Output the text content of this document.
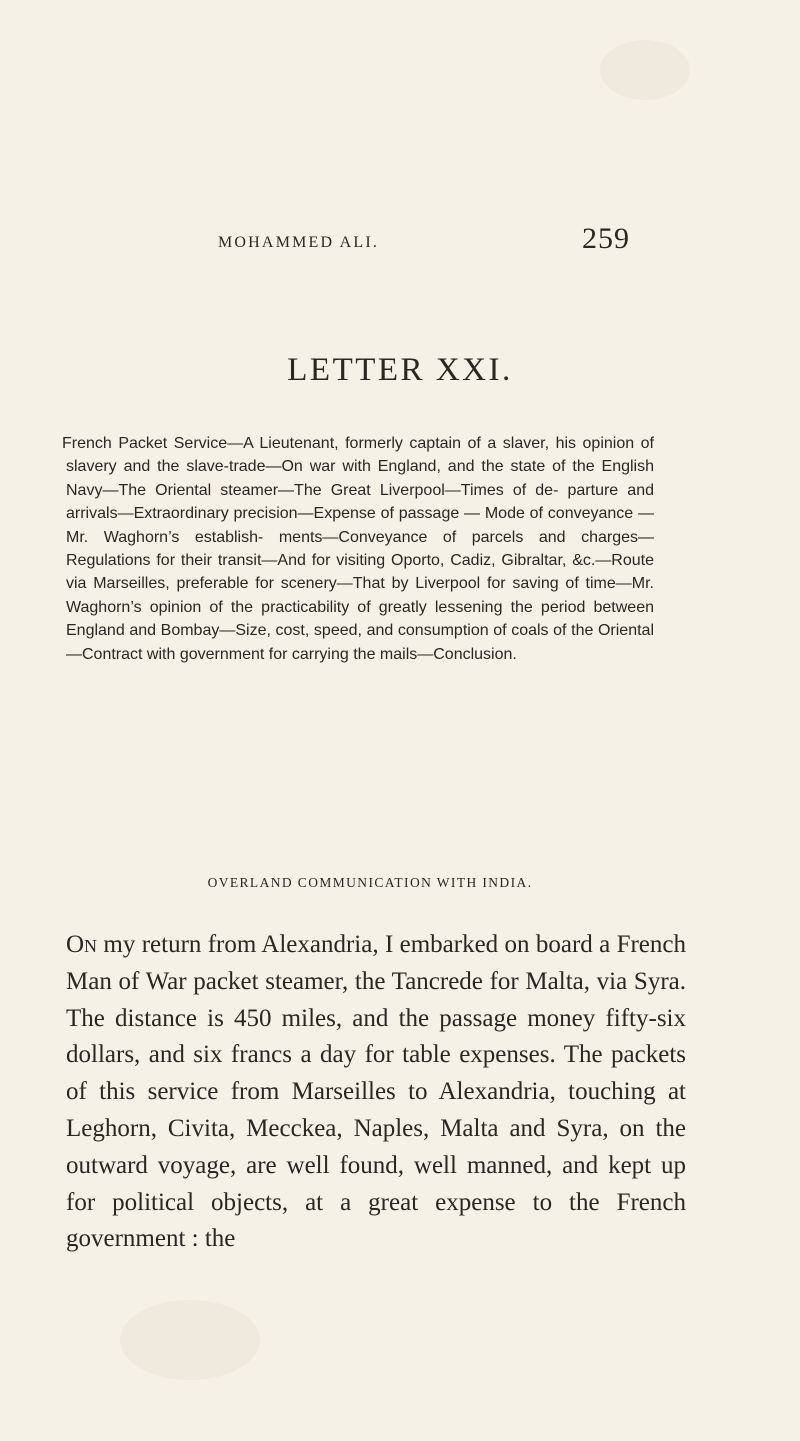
MOHAMMED ALI.	259
LETTER XXI.

French Packet Service—A Lieutenant, formerly captain of a slaver, his opinion of slavery and the slave-trade—On war with England, and the state of the English Navy—The Oriental steamer—The Great Liverpool—Times of de- parture and arrivals—Extraordinary precision—Expense of passage — Mode of conveyance — Mr. Waghorn’s establish- ments—Conveyance of parcels and charges—Regulations for their transit—And for visiting Oporto, Cadiz, Gibraltar, &c.—Route via Marseilles, preferable for scenery—That by Liverpool for saving of time—Mr. Waghorn’s opinion of the practicability of greatly lessening the period between England and Bombay—Size, cost, speed, and consumption of coals of the Oriental—Contract with government for carrying the mails—Conclusion.

OVERLAND COMMUNICATION WITH INDIA.

On my return from Alexandria, I embarked on board a French Man of War packet steamer, the Tancrede for Malta, via Syra. The distance is 450 miles, and the passage money fifty-six dollars, and six francs a day for table expenses. The packets of this service from Marseilles to Alexandria, touching at Leghorn, Civita, Mecckea, Naples, Malta and Syra, on the outward voyage, are well found, well manned, and kept up for political objects, at a great expense to the French government : the
